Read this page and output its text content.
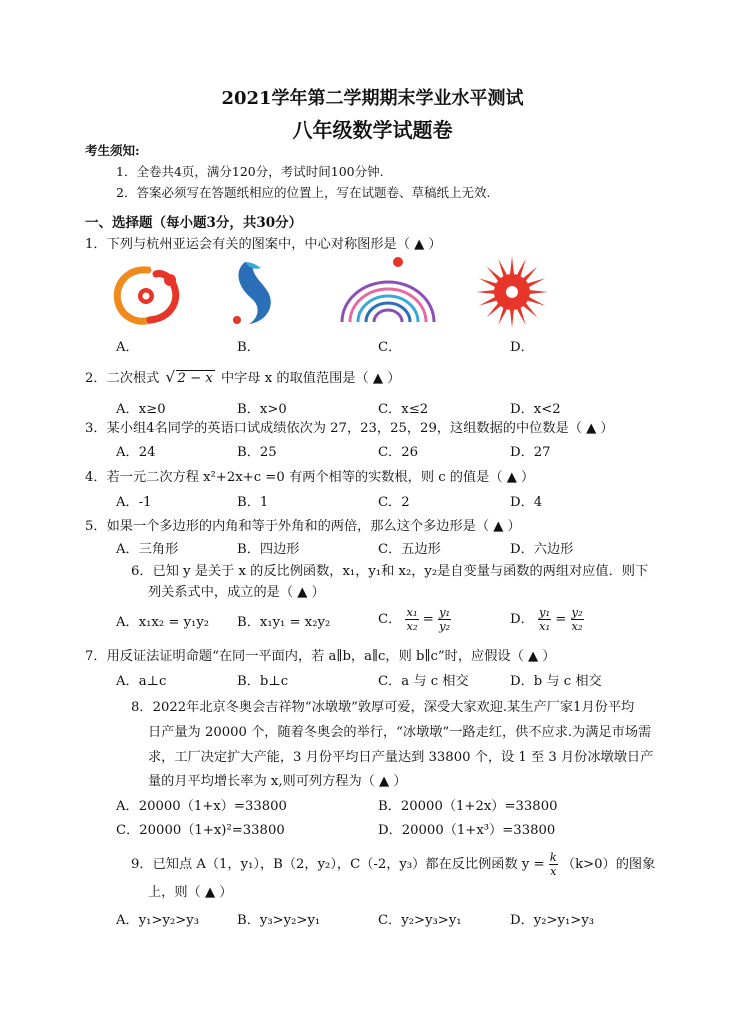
2021学年第二学期期末学业水平测试
八年级数学试题卷
考生须知:
1．全卷共4页，满分120分，考试时间100分钟.
2．答案必须写在答题纸相应的位置上，写在试题卷、草稿纸上无效.
一、选择题（每小题3分，共30分）
1．下列与杭州亚运会有关的图案中，中心对称图形是（ ▲ ）
A．	B．	C．	D．
2．二次根式 √ 2 − x 中字母 x 的取值范围是（ ▲ ）
A．x≥0	B．x>0	C．x≤2	D．x<2
3．某小组4名同学的英语口试成绩依次为 27，23，25，29，这组数据的中位数是（ ▲ ）
A．24	B．25	C．26	D．27
4．若一元二次方程 x²+2x+c =0 有两个相等的实数根，则 c 的值是（ ▲ ）
A．-1	B．1	C．2	D．4
5．如果一个多边形的内角和等于外角和的两倍，那么这个多边形是（ ▲ ）
A．三角形	B．四边形	C．五边形	D．六边形
6．已知 y 是关于 x 的反比例函数，x₁，y₁和 x₂，y₂是自变量与函数的两组对应值．则下
列关系式中，成立的是（ ▲ ）
A．x₁x₂ = y₁y₂ B．x₁y₁ = x₂y₂	C． $\frac{\text{x₁}}{\text{x₂}} = \frac{\text{y₁}}{\text{y₂}}$	D． $\frac{\text{y₁}}{\text{x₁}} = \frac{\text{y₂}}{\text{x₂}}$
7．用反证法证明命题“在同一平面内，若 a∥b，a∥c，则 b∥c”时，应假设（ ▲ ）
A．a⊥c	B．b⊥c	C．a 与 c 相交	D．b 与 c 相交
8．2022年北京冬奥会吉祥物“冰墩墩”敦厚可爱，深受大家欢迎.某生产厂家1月份平均
日产量为 20000 个，随着冬奥会的举行，“冰墩墩”一路走红，供不应求.为满足市场需
求，工厂决定扩大产能，3 月份平均日产量达到 33800 个，设 1 至 3 月份冰墩墩日产
量的月平均增长率为 x,则可列方程为（ ▲ ）
A．20000（1+x）=33800	B．20000（1+2x）=33800
C．20000（1+x)²=33800	D．20000（1+x³）=33800
9．已知点 A（1，y₁），B（2，y₂），C（-2，y₃）都在反比例函数 $y = \frac{k}{x} (k>0)$的图象
上，则（ ▲ ）
A．y₁>y₂>y₃	B．y₃>y₂>y₁	C．y₂>y₃>y₁	D．y₂>y₁>y₃
